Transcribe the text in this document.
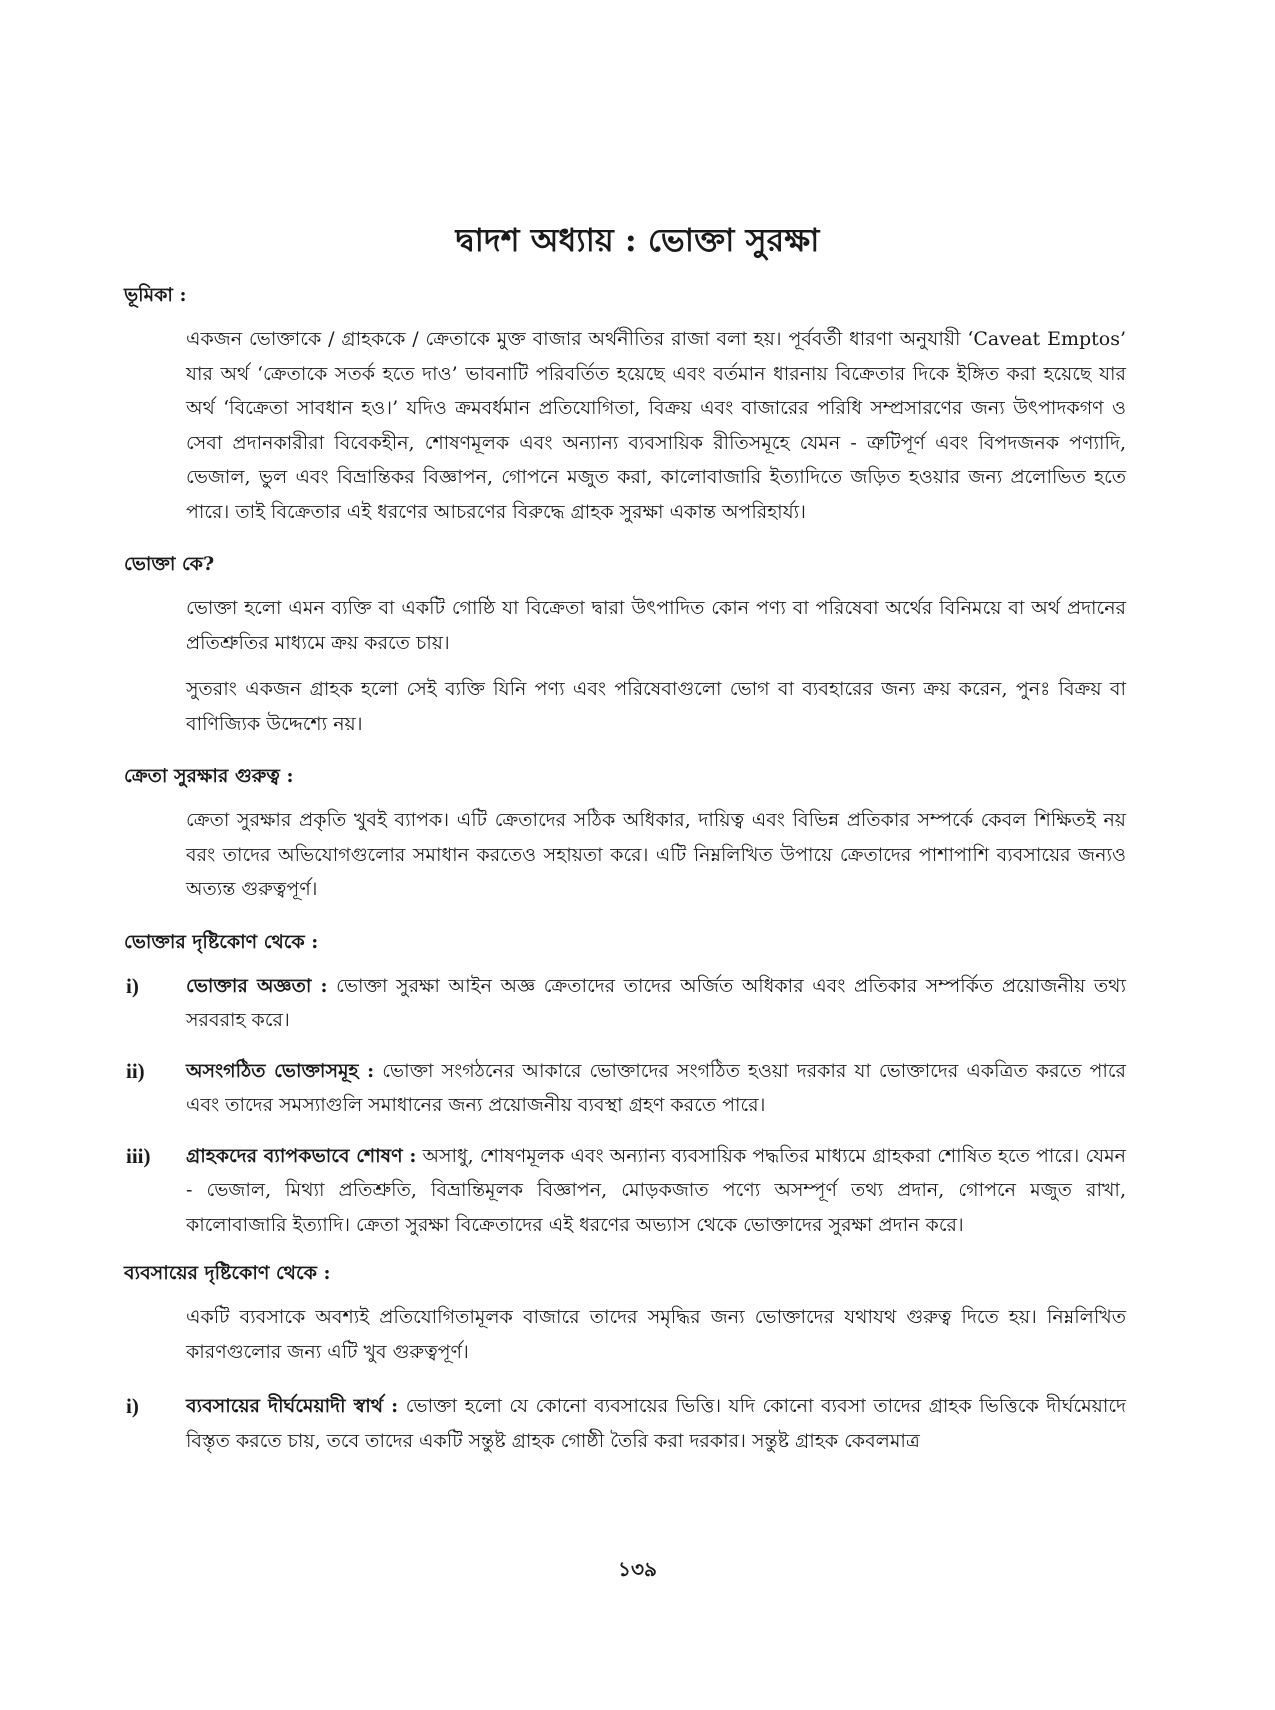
দ্বাদশ অধ্যায় : ভোক্তা সুরক্ষা
ভূমিকা :

একজন ভোক্তাকে / গ্রাহককে / ক্রেতাকে মুক্ত বাজার অর্থনীতির রাজা বলা হয়। পূর্ববর্তী ধারণা অনুযায়ী ‘Caveat Emptos’ যার অর্থ ‘ক্রেতাকে সতর্ক হতে দাও’ ভাবনাটি পরিবর্তিত হয়েছে এবং বর্তমান ধারনায় বিক্রেতার দিকে ইঙ্গিত করা হয়েছে যার অর্থ ‘বিক্রেতা সাবধান হও।’ যদিও ক্রমবর্ধমান প্রতিযোগিতা, বিক্রয় এবং বাজারের পরিধি সম্প্রসারণের জন্য উৎপাদকগণ ও সেবা প্রদানকারীরা বিবেকহীন, শোষণমূলক এবং অন্যান্য ব্যবসায়িক রীতিসমূহে যেমন - ত্রুটিপূর্ণ এবং বিপদজনক পণ্যাদি, ভেজাল, ভুল এবং বিভ্রান্তিকর বিজ্ঞাপন, গোপনে মজুত করা, কালোবাজারি ইত্যাদিতে জড়িত হওয়ার জন্য প্রলোভিত হতে পারে। তাই বিক্রেতার এই ধরণের আচরণের বিরুদ্ধে গ্রাহক সুরক্ষা একান্ত অপরিহার্য্য।

ভোক্তা কে?

ভোক্তা হলো এমন ব্যক্তি বা একটি গোষ্ঠি যা বিক্রেতা দ্বারা উৎপাদিত কোন পণ্য বা পরিষেবা অর্থের বিনিময়ে বা অর্থ প্রদানের প্রতিশ্রুতির মাধ্যমে ক্রয় করতে চায়।

সুতরাং একজন গ্রাহক হলো সেই ব্যক্তি যিনি পণ্য এবং পরিষেবাগুলো ভোগ বা ব্যবহারের জন্য ক্রয় করেন, পুনঃ বিক্রয় বা বাণিজ্যিক উদ্দেশ্যে নয়।

ক্রেতা সুরক্ষার গুরুত্ব :

ক্রেতা সুরক্ষার প্রকৃতি খুবই ব্যাপক। এটি ক্রেতাদের সঠিক অধিকার, দায়িত্ব এবং বিভিন্ন প্রতিকার সম্পর্কে কেবল শিক্ষিতই নয় বরং তাদের অভিযোগগুলোর সমাধান করতেও সহায়তা করে। এটি নিম্নলিখিত উপায়ে ক্রেতাদের পাশাপাশি ব্যবসায়ের জন্যও অত্যন্ত গুরুত্বপূর্ণ।

ভোক্তার দৃষ্টিকোণ থেকে :
i) ভোক্তার অজ্ঞতা : ভোক্তা সুরক্ষা আইন অজ্ঞ ক্রেতাদের তাদের অর্জিত অধিকার এবং প্রতিকার সম্পর্কিত প্রয়োজনীয় তথ্য সরবরাহ করে।
ii) অসংগঠিত ভোক্তাসমূহ : ভোক্তা সংগঠনের আকারে ভোক্তাদের সংগঠিত হওয়া দরকার যা ভোক্তাদের একত্রিত করতে পারে এবং তাদের সমস্যাগুলি সমাধানের জন্য প্রয়োজনীয় ব্যবস্থা গ্রহণ করতে পারে।
iii) গ্রাহকদের ব্যাপকভাবে শোষণ : অসাধু, শোষণমূলক এবং অন্যান্য ব্যবসায়িক পদ্ধতির মাধ্যমে গ্রাহকরা শোষিত হতে পারে। যেমন - ভেজাল, মিথ্যা প্রতিশ্রুতি, বিভ্রান্তিমূলক বিজ্ঞাপন, মোড়কজাত পণ্যে অসম্পূর্ণ তথ্য প্রদান, গোপনে মজুত রাখা, কালোবাজারি ইত্যাদি। ক্রেতা সুরক্ষা বিক্রেতাদের এই ধরণের অভ্যাস থেকে ভোক্তাদের সুরক্ষা প্রদান করে।
ব্যবসায়ের দৃষ্টিকোণ থেকে :

একটি ব্যবসাকে অবশ্যই প্রতিযোগিতামূলক বাজারে তাদের সমৃদ্ধির জন্য ভোক্তাদের যথাযথ গুরুত্ব দিতে হয়। নিম্নলিখিত কারণগুলোর জন্য এটি খুব গুরুত্বপূর্ণ।

i) ব্যবসায়ের দীর্ঘমেয়াদী স্বার্থ : ভোক্তা হলো যে কোনো ব্যবসায়ের ভিত্তি। যদি কোনো ব্যবসা তাদের গ্রাহক ভিত্তিকে দীর্ঘমেয়াদে বিস্তৃত করতে চায়, তবে তাদের একটি সন্তুষ্ট গ্রাহক গোষ্ঠী তৈরি করা দরকার। সন্তুষ্ট গ্রাহক কেবলমাত্র
১৩৯
